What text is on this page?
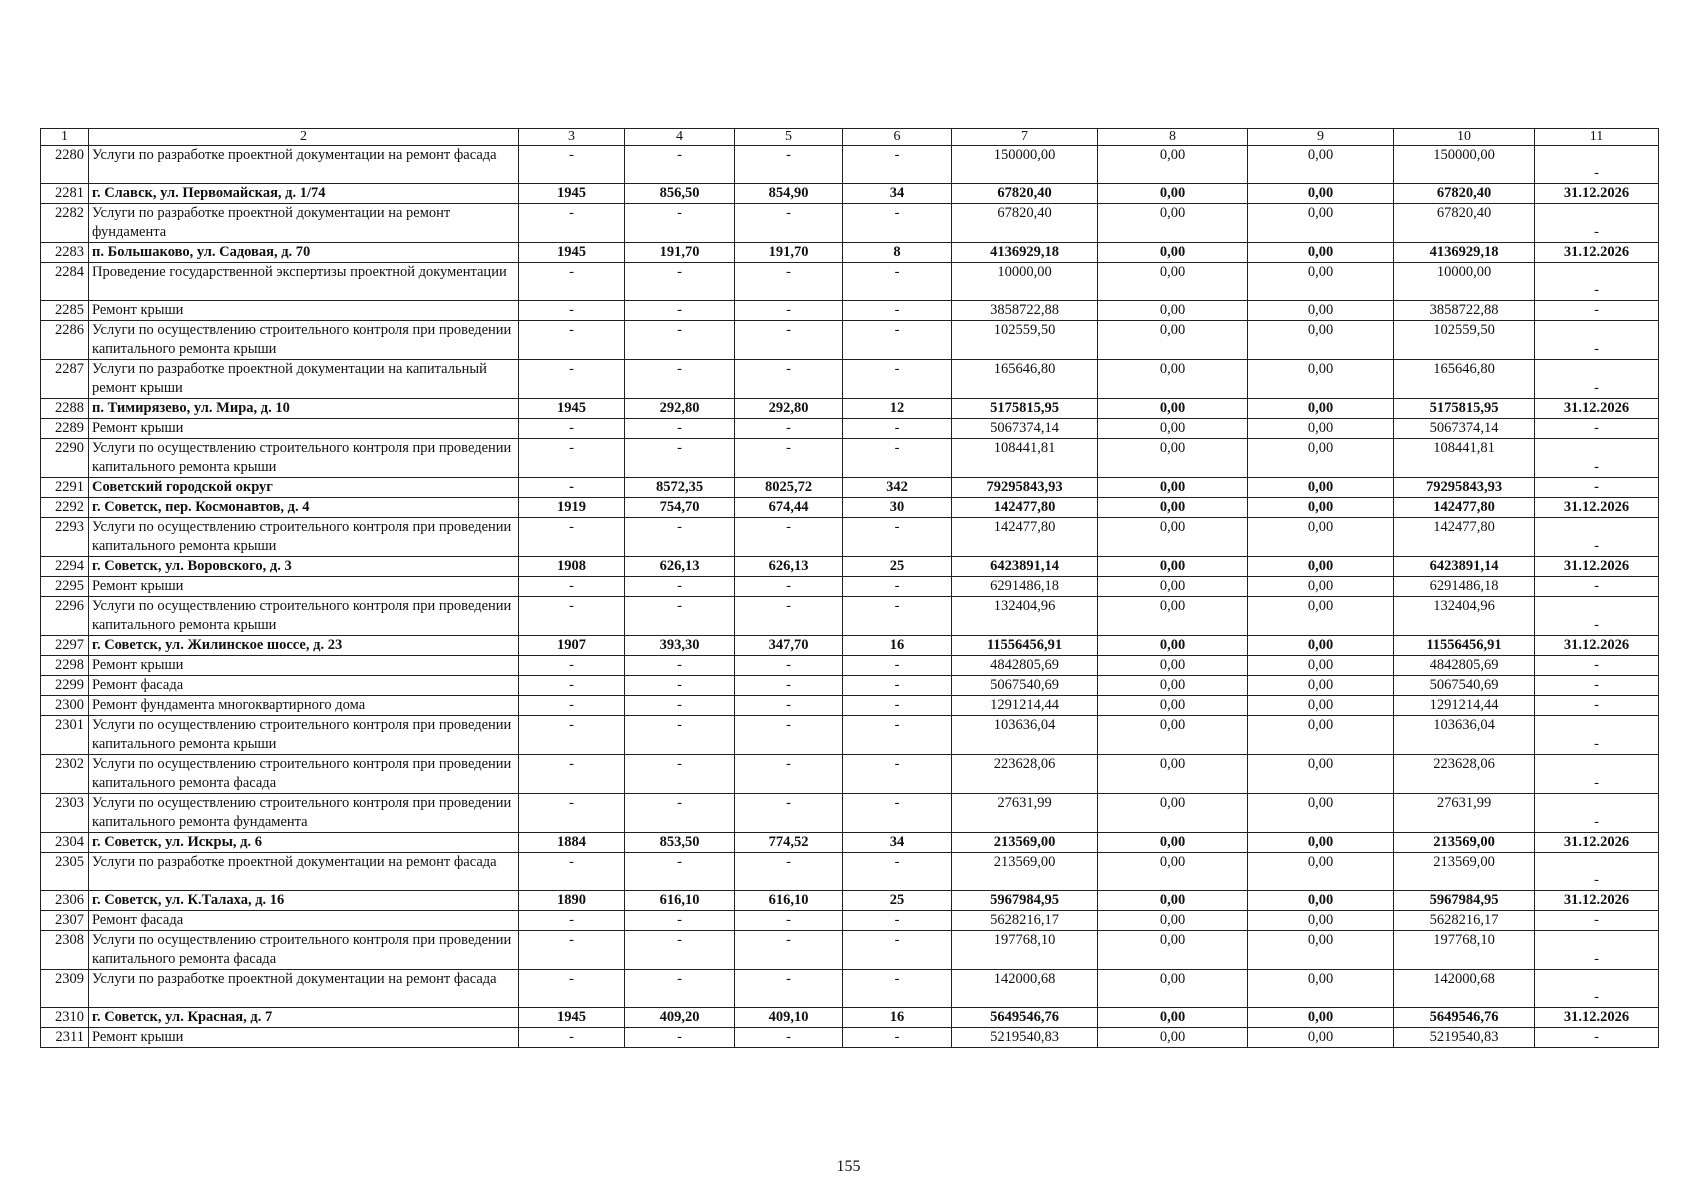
1	2	3	4	5	6	7	8	9	10	11
2280	Услуги по разработке проектной документации на ремонт фасада	-	-	-	-	150000,00	0,00	0,00	150000,00	-
2281	г. Славск, ул. Первомайская, д. 1/74	1945	856,50	854,90	34	67820,40	0,00	0,00	67820,40	31.12.2026
2282	Услуги по разработке проектной документации на ремонт фундамента	-	-	-	-	67820,40	0,00	0,00	67820,40	-
2283	п. Большаково, ул. Садовая, д. 70	1945	191,70	191,70	8	4136929,18	0,00	0,00	4136929,18	31.12.2026
2284	Проведение государственной экспертизы проектной документации	-	-	-	-	10000,00	0,00	0,00	10000,00	-
2285	Ремонт крыши	-	-	-	-	3858722,88	0,00	0,00	3858722,88	-
2286	Услуги по осуществлению строительного контроля при проведении капитального ремонта крыши	-	-	-	-	102559,50	0,00	0,00	102559,50	-
2287	Услуги по разработке проектной документации на капитальный ремонт крыши	-	-	-	-	165646,80	0,00	0,00	165646,80	-
2288	п. Тимирязево, ул. Мира, д. 10	1945	292,80	292,80	12	5175815,95	0,00	0,00	5175815,95	31.12.2026
2289	Ремонт крыши	-	-	-	-	5067374,14	0,00	0,00	5067374,14	-
2290	Услуги по осуществлению строительного контроля при проведении капитального ремонта крыши	-	-	-	-	108441,81	0,00	0,00	108441,81	-
2291	Советский городской округ	-	8572,35	8025,72	342	79295843,93	0,00	0,00	79295843,93	-
2292	г. Советск, пер. Космонавтов, д. 4	1919	754,70	674,44	30	142477,80	0,00	0,00	142477,80	31.12.2026
2293	Услуги по осуществлению строительного контроля при проведении капитального ремонта крыши	-	-	-	-	142477,80	0,00	0,00	142477,80	-
2294	г. Советск, ул. Воровского, д. 3	1908	626,13	626,13	25	6423891,14	0,00	0,00	6423891,14	31.12.2026
2295	Ремонт крыши	-	-	-	-	6291486,18	0,00	0,00	6291486,18	-
2296	Услуги по осуществлению строительного контроля при проведении капитального ремонта крыши	-	-	-	-	132404,96	0,00	0,00	132404,96	-
2297	г. Советск, ул. Жилинское шоссе, д. 23	1907	393,30	347,70	16	11556456,91	0,00	0,00	11556456,91	31.12.2026
2298	Ремонт крыши	-	-	-	-	4842805,69	0,00	0,00	4842805,69	-
2299	Ремонт фасада	-	-	-	-	5067540,69	0,00	0,00	5067540,69	-
2300	Ремонт фундамента многоквартирного дома	-	-	-	-	1291214,44	0,00	0,00	1291214,44	-
2301	Услуги по осуществлению строительного контроля при проведении капитального ремонта крыши	-	-	-	-	103636,04	0,00	0,00	103636,04	-
2302	Услуги по осуществлению строительного контроля при проведении капитального ремонта фасада	-	-	-	-	223628,06	0,00	0,00	223628,06	-
2303	Услуги по осуществлению строительного контроля при проведении капитального ремонта фундамента	-	-	-	-	27631,99	0,00	0,00	27631,99	-
2304	г. Советск, ул. Искры, д. 6	1884	853,50	774,52	34	213569,00	0,00	0,00	213569,00	31.12.2026
2305	Услуги по разработке проектной документации на ремонт фасада	-	-	-	-	213569,00	0,00	0,00	213569,00	-
2306	г. Советск, ул. К.Талаха, д. 16	1890	616,10	616,10	25	5967984,95	0,00	0,00	5967984,95	31.12.2026
2307	Ремонт фасада	-	-	-	-	5628216,17	0,00	0,00	5628216,17	-
2308	Услуги по осуществлению строительного контроля при проведении капитального ремонта фасада	-	-	-	-	197768,10	0,00	0,00	197768,10	-
2309	Услуги по разработке проектной документации на ремонт фасада	-	-	-	-	142000,68	0,00	0,00	142000,68	-
2310	г. Советск, ул. Красная, д. 7	1945	409,20	409,10	16	5649546,76	0,00	0,00	5649546,76	31.12.2026
2311	Ремонт крыши	-	-	-	-	5219540,83	0,00	0,00	5219540,83	-
155
